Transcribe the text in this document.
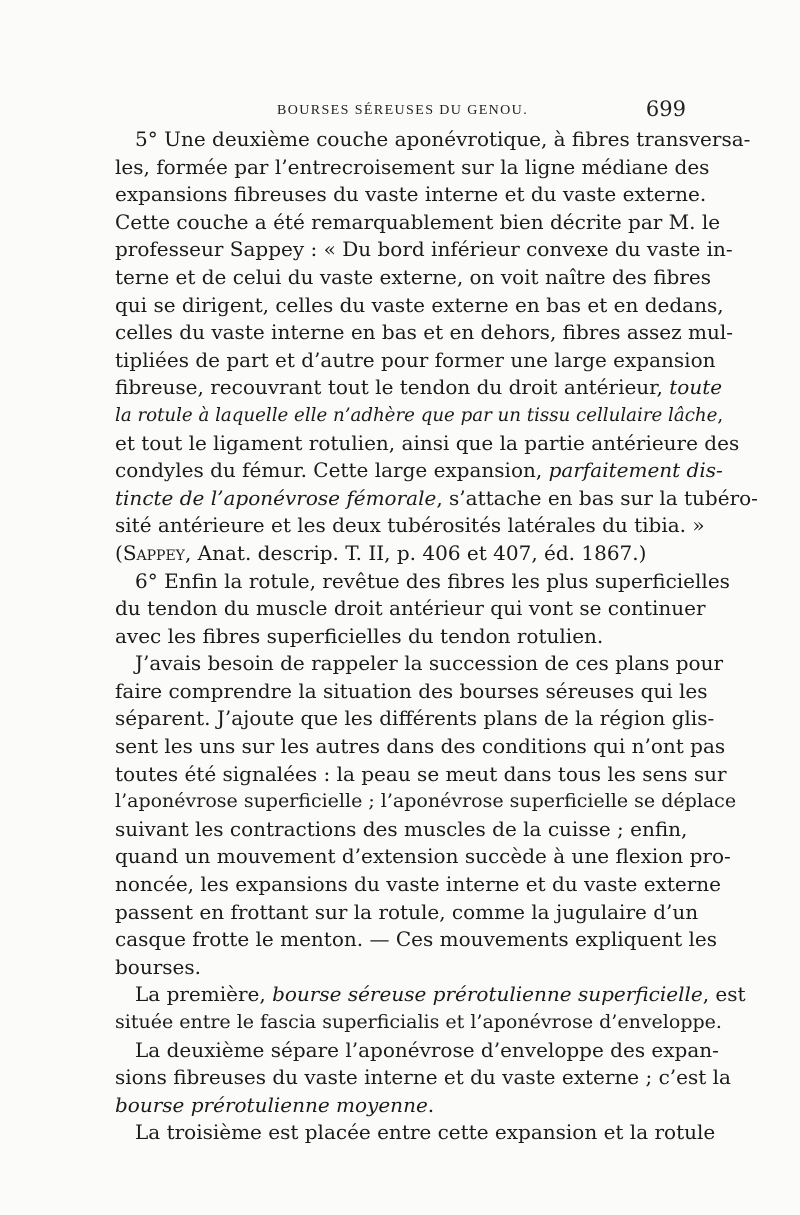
BOURSES SÉREUSES DU GENOU.	699
5° Une deuxième couche aponévrotique, à fibres transversa-
les, formée par l’entrecroisement sur la ligne médiane des
expansions fibreuses du vaste interne et du vaste externe.
Cette couche a été remarquablement bien décrite par M. le
professeur Sappey : « Du bord inférieur convexe du vaste in-
terne et de celui du vaste externe, on voit naître des fibres
qui se dirigent, celles du vaste externe en bas et en dedans,
celles du vaste interne en bas et en dehors, fibres assez mul-
tipliées de part et d’autre pour former une large expansion
fibreuse, recouvrant tout le tendon du droit antérieur, toute
la rotule à laquelle elle n’adhère que par un tissu cellulaire lâche,
et tout le ligament rotulien, ainsi que la partie antérieure des
condyles du fémur. Cette large expansion, parfaitement dis-
tincte de l’aponévrose fémorale, s’attache en bas sur la tubéro-
sité antérieure et les deux tubérosités latérales du tibia. »
(Sappey, Anat. descrip. T. II, p. 406 et 407, éd. 1867.)
6° Enfin la rotule, revêtue des fibres les plus superficielles
du tendon du muscle droit antérieur qui vont se continuer
avec les fibres superficielles du tendon rotulien.
J’avais besoin de rappeler la succession de ces plans pour
faire comprendre la situation des bourses séreuses qui les
séparent. J’ajoute que les différents plans de la région glis-
sent les uns sur les autres dans des conditions qui n’ont pas
toutes été signalées : la peau se meut dans tous les sens sur
l’aponévrose superficielle ; l’aponévrose superficielle se déplace
suivant les contractions des muscles de la cuisse ; enfin,
quand un mouvement d’extension succède à une flexion pro-
noncée, les expansions du vaste interne et du vaste externe
passent en frottant sur la rotule, comme la jugulaire d’un
casque frotte le menton. — Ces mouvements expliquent les
bourses.
La première, bourse séreuse prérotulienne superficielle, est
située entre le fascia superficialis et l’aponévrose d’enveloppe.
La deuxième sépare l’aponévrose d’enveloppe des expan-
sions fibreuses du vaste interne et du vaste externe ; c’est la
bourse prérotulienne moyenne.
La troisième est placée entre cette expansion et la rotule
